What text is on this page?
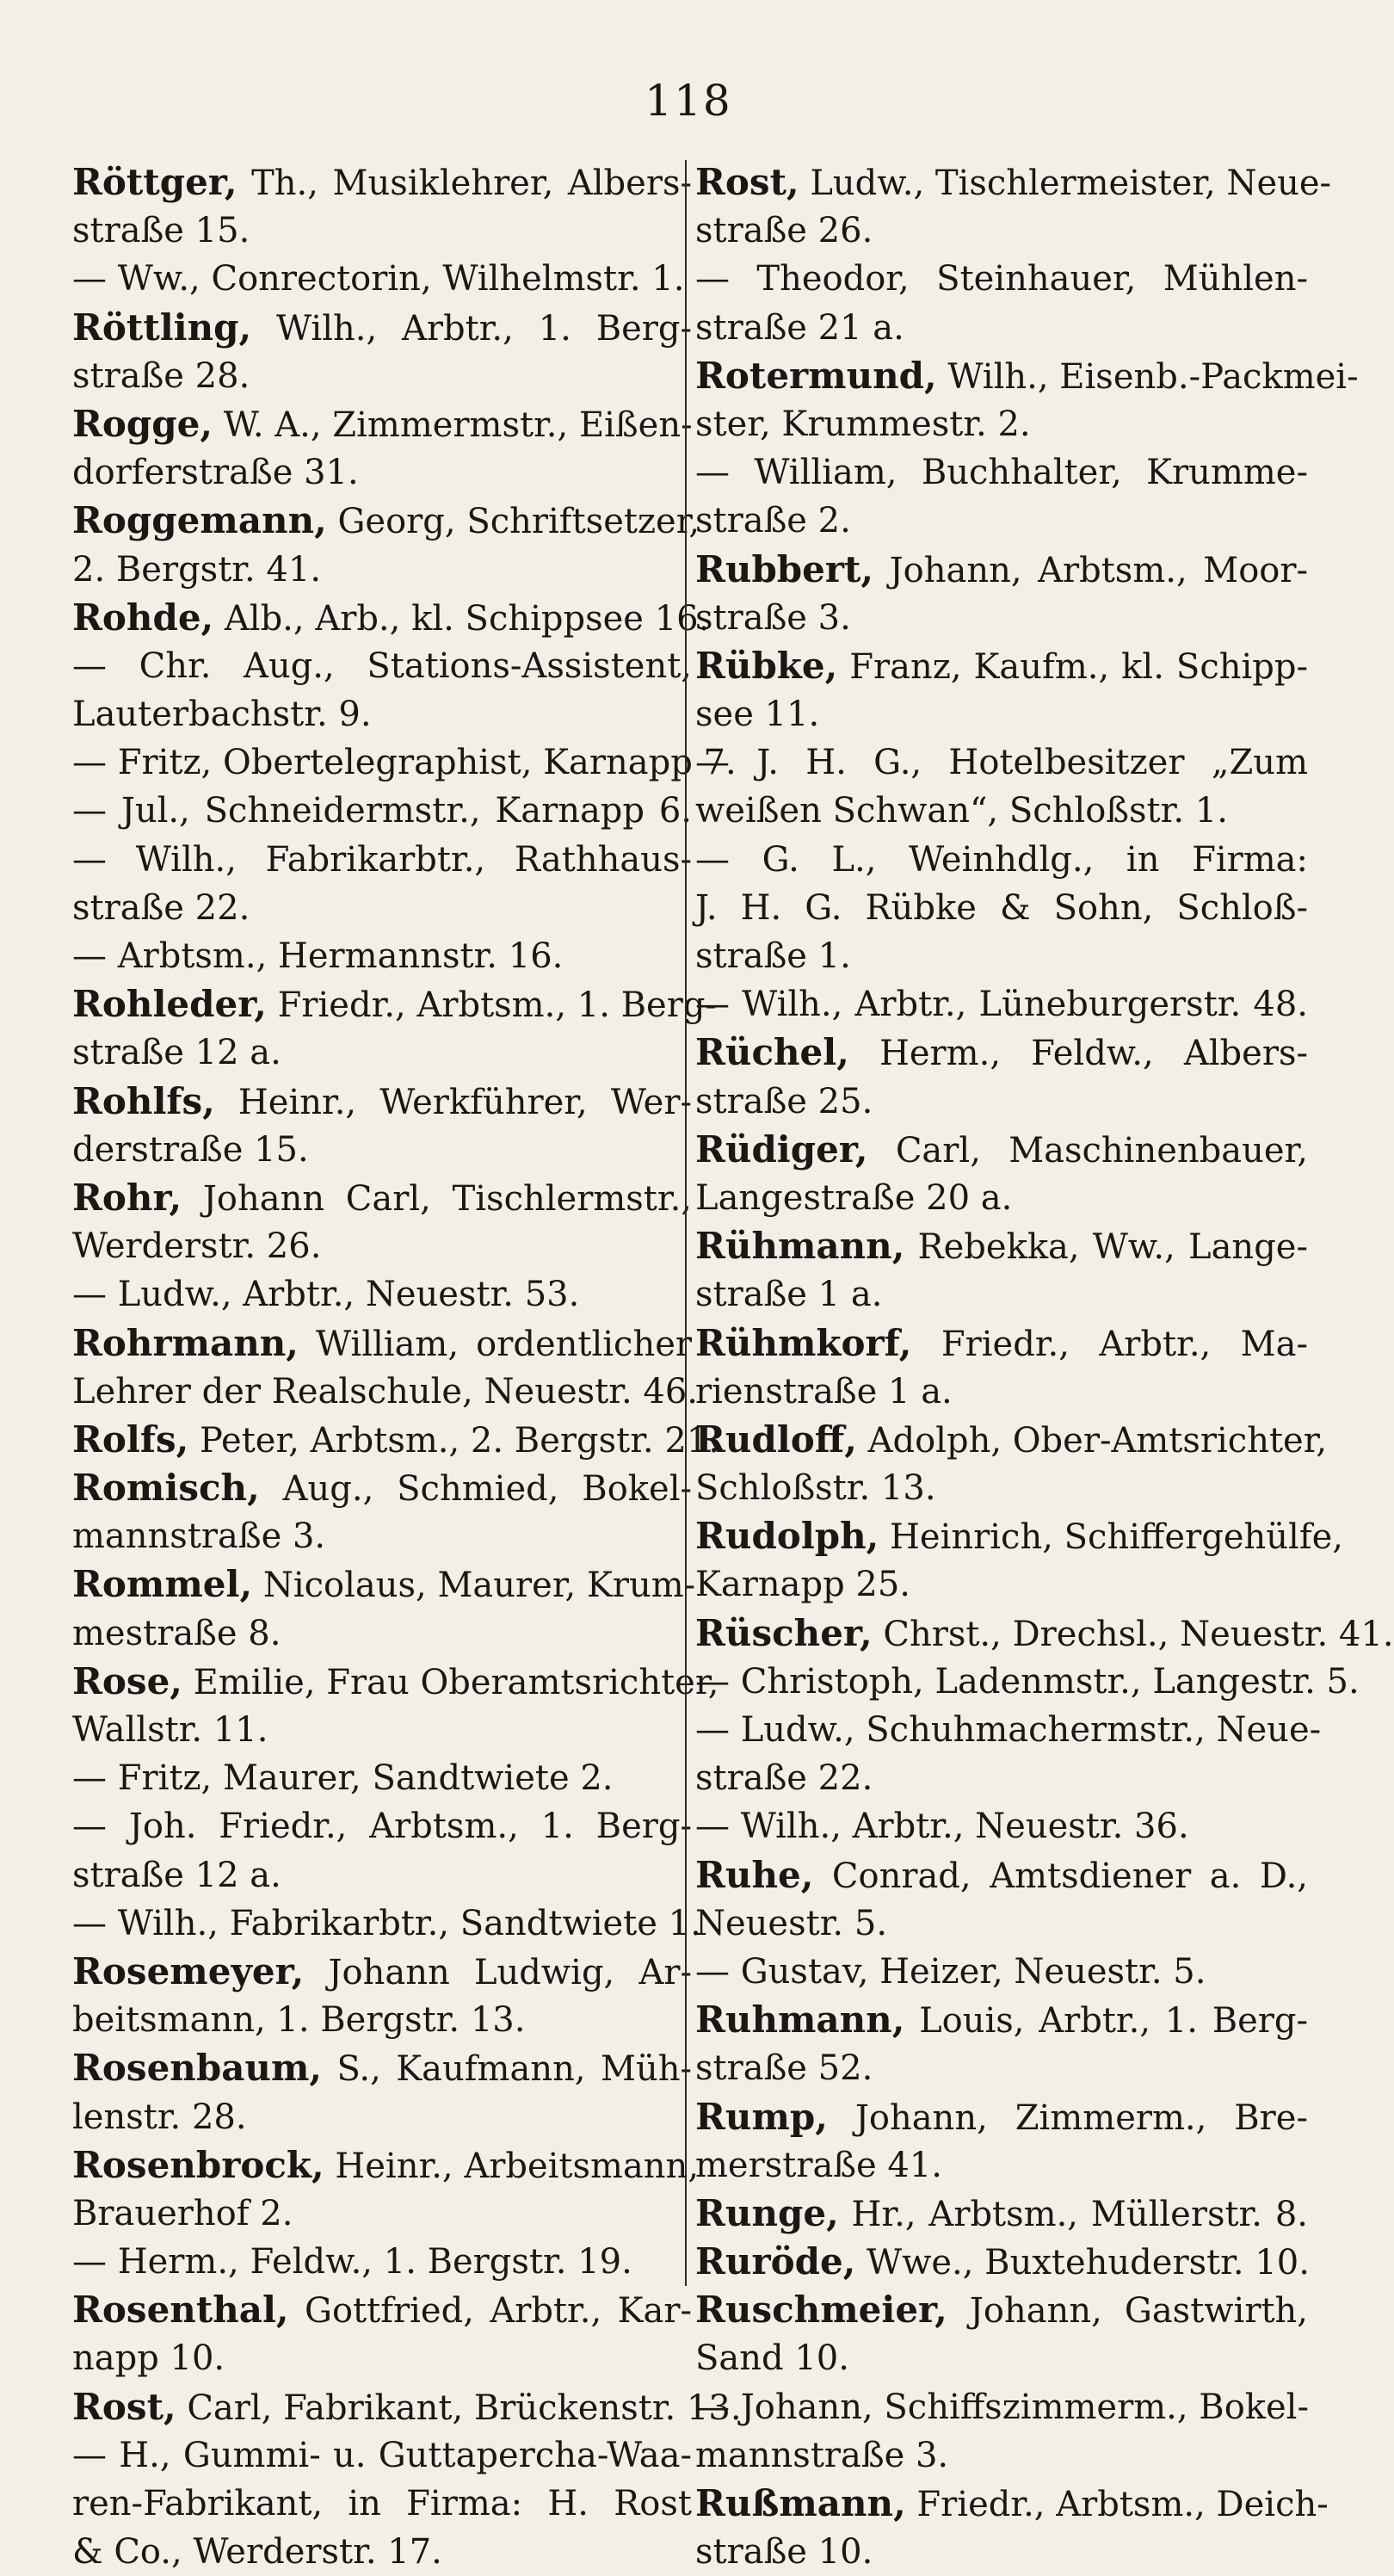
118
Röttger, Th., Musiklehrer, Albers-
straße 15.
— Ww., Conrectorin, Wilhelmstr. 1.
Röttling, Wilh., Arbtr., 1. Berg-
straße 28.
Rogge, W. A., Zimmermstr., Eißen-
dorferstraße 31.
Roggemann, Georg, Schriftsetzer,
2. Bergstr. 41.
Rohde, Alb., Arb., kl. Schippsee 16.
— Chr. Aug., Stations-Assistent,
Lauterbachstr. 9.
— Fritz, Obertelegraphist, Karnapp 7.
— Jul., Schneidermstr., Karnapp 6.
— Wilh., Fabrikarbtr., Rathhaus-
straße 22.
— Arbtsm., Hermannstr. 16.
Rohleder, Friedr., Arbtsm., 1. Berg-
straße 12 a.
Rohlfs, Heinr., Werkführer, Wer-
derstraße 15.
Rohr, Johann Carl, Tischlermstr.,
Werderstr. 26.
— Ludw., Arbtr., Neuestr. 53.
Rohrmann, William, ordentlicher
Lehrer der Realschule, Neuestr. 46.
Rolfs, Peter, Arbtsm., 2. Bergstr. 21.
Romisch, Aug., Schmied, Bokel-
mannstraße 3.
Rommel, Nicolaus, Maurer, Krum-
mestraße 8.
Rose, Emilie, Frau Oberamtsrichter,
Wallstr. 11.
— Fritz, Maurer, Sandtwiete 2.
— Joh. Friedr., Arbtsm., 1. Berg-
straße 12 a.
— Wilh., Fabrikarbtr., Sandtwiete 1.
Rosemeyer, Johann Ludwig, Ar-
beitsmann, 1. Bergstr. 13.
Rosenbaum, S., Kaufmann, Müh-
lenstr. 28.
Rosenbrock, Heinr., Arbeitsmann,
Brauerhof 2.
— Herm., Feldw., 1. Bergstr. 19.
Rosenthal, Gottfried, Arbtr., Kar-
napp 10.
Rost, Carl, Fabrikant, Brückenstr. 13.
— H., Gummi- u. Guttapercha-Waa-
ren-Fabrikant, in Firma: H. Rost
& Co., Werderstr. 17.
Rost, Ludw., Tischlermeister, Neue-
straße 26.
— Theodor, Steinhauer, Mühlen-
straße 21 a.
Rotermund, Wilh., Eisenb.-Packmei-
ster, Krummestr. 2.
— William, Buchhalter, Krumme-
straße 2.
Rubbert, Johann, Arbtsm., Moor-
straße 3.
Rübke, Franz, Kaufm., kl. Schipp-
see 11.
— J. H. G., Hotelbesitzer „Zum
weißen Schwan“, Schloßstr. 1.
— G. L., Weinhdlg., in Firma:
J. H. G. Rübke & Sohn, Schloß-
straße 1.
— Wilh., Arbtr., Lüneburgerstr. 48.
Rüchel, Herm., Feldw., Albers-
straße 25.
Rüdiger, Carl, Maschinenbauer,
Langestraße 20 a.
Rühmann, Rebekka, Ww., Lange-
straße 1 a.
Rühmkorf, Friedr., Arbtr., Ma-
rienstraße 1 a.
Rudloff, Adolph, Ober-Amtsrichter,
Schloßstr. 13.
Rudolph, Heinrich, Schiffergehülfe,
Karnapp 25.
Rüscher, Chrst., Drechsl., Neuestr. 41.
— Christoph, Ladenmstr., Langestr. 5.
— Ludw., Schuhmachermstr., Neue-
straße 22.
— Wilh., Arbtr., Neuestr. 36.
Ruhe, Conrad, Amtsdiener a. D.,
Neuestr. 5.
— Gustav, Heizer, Neuestr. 5.
Ruhmann, Louis, Arbtr., 1. Berg-
straße 52.
Rump, Johann, Zimmerm., Bre-
merstraße 41.
Runge, Hr., Arbtsm., Müllerstr. 8.
Ruröde, Wwe., Buxtehuderstr. 10.
Ruschmeier, Johann, Gastwirth,
Sand 10.
— Johann, Schiffszimmerm., Bokel-
mannstraße 3.
Rußmann, Friedr., Arbtsm., Deich-
straße 10.
